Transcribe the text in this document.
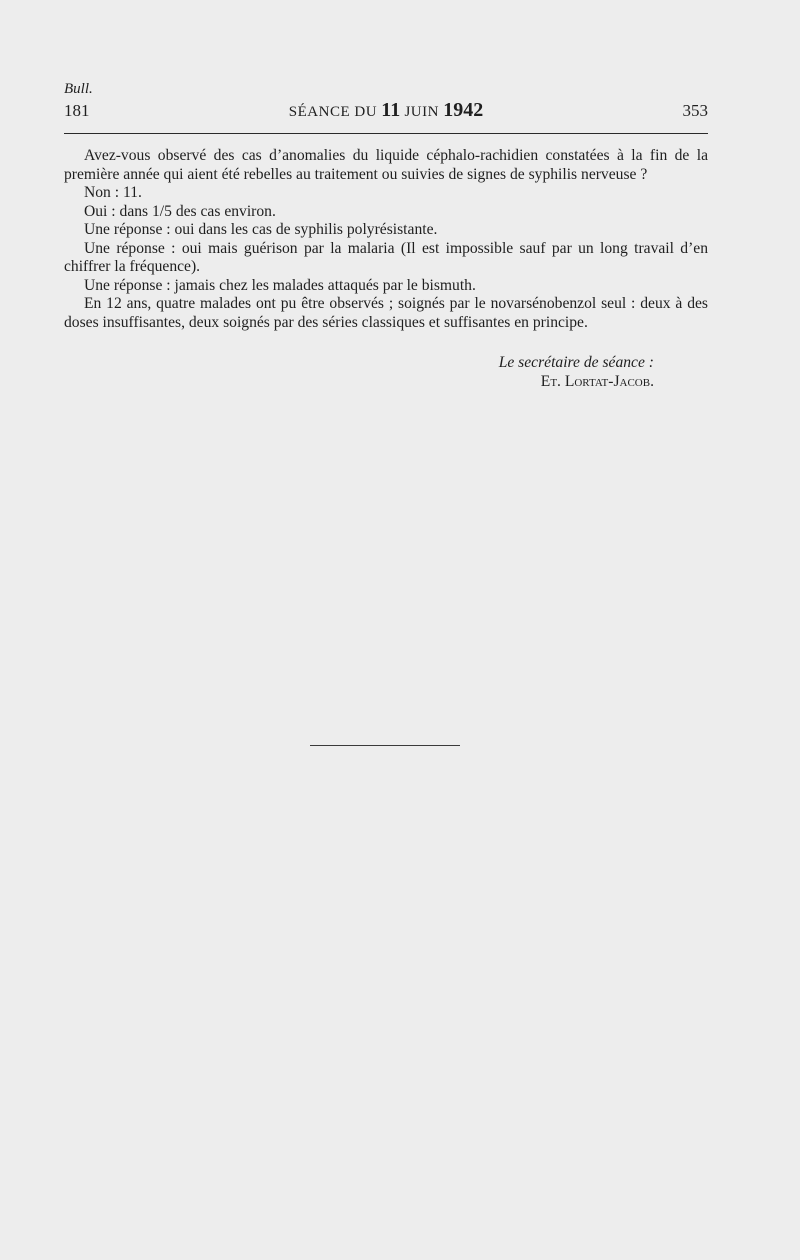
Bull.
181	SÉANCE DU 11 JUIN 1942	353

Avez-vous observé des cas d’anomalies du liquide céphalo-rachidien constatées à la fin de la première année qui aient été rebelles au traitement ou suivies de signes de syphilis nerveuse ?

Non : 11.

Oui : dans 1/5 des cas environ.

Une réponse : oui dans les cas de syphilis polyrésistante.

Une réponse : oui mais guérison par la malaria (Il est impossible sauf par un long travail d’en chiffrer la fréquence).

Une réponse : jamais chez les malades attaqués par le bismuth.

En 12 ans, quatre malades ont pu être observés ; soignés par le novarsénobenzol seul : deux à des doses insuffisantes, deux soignés par des séries classiques et suffisantes en principe.

Le secrétaire de séance :
Et. Lortat-Jacob.
